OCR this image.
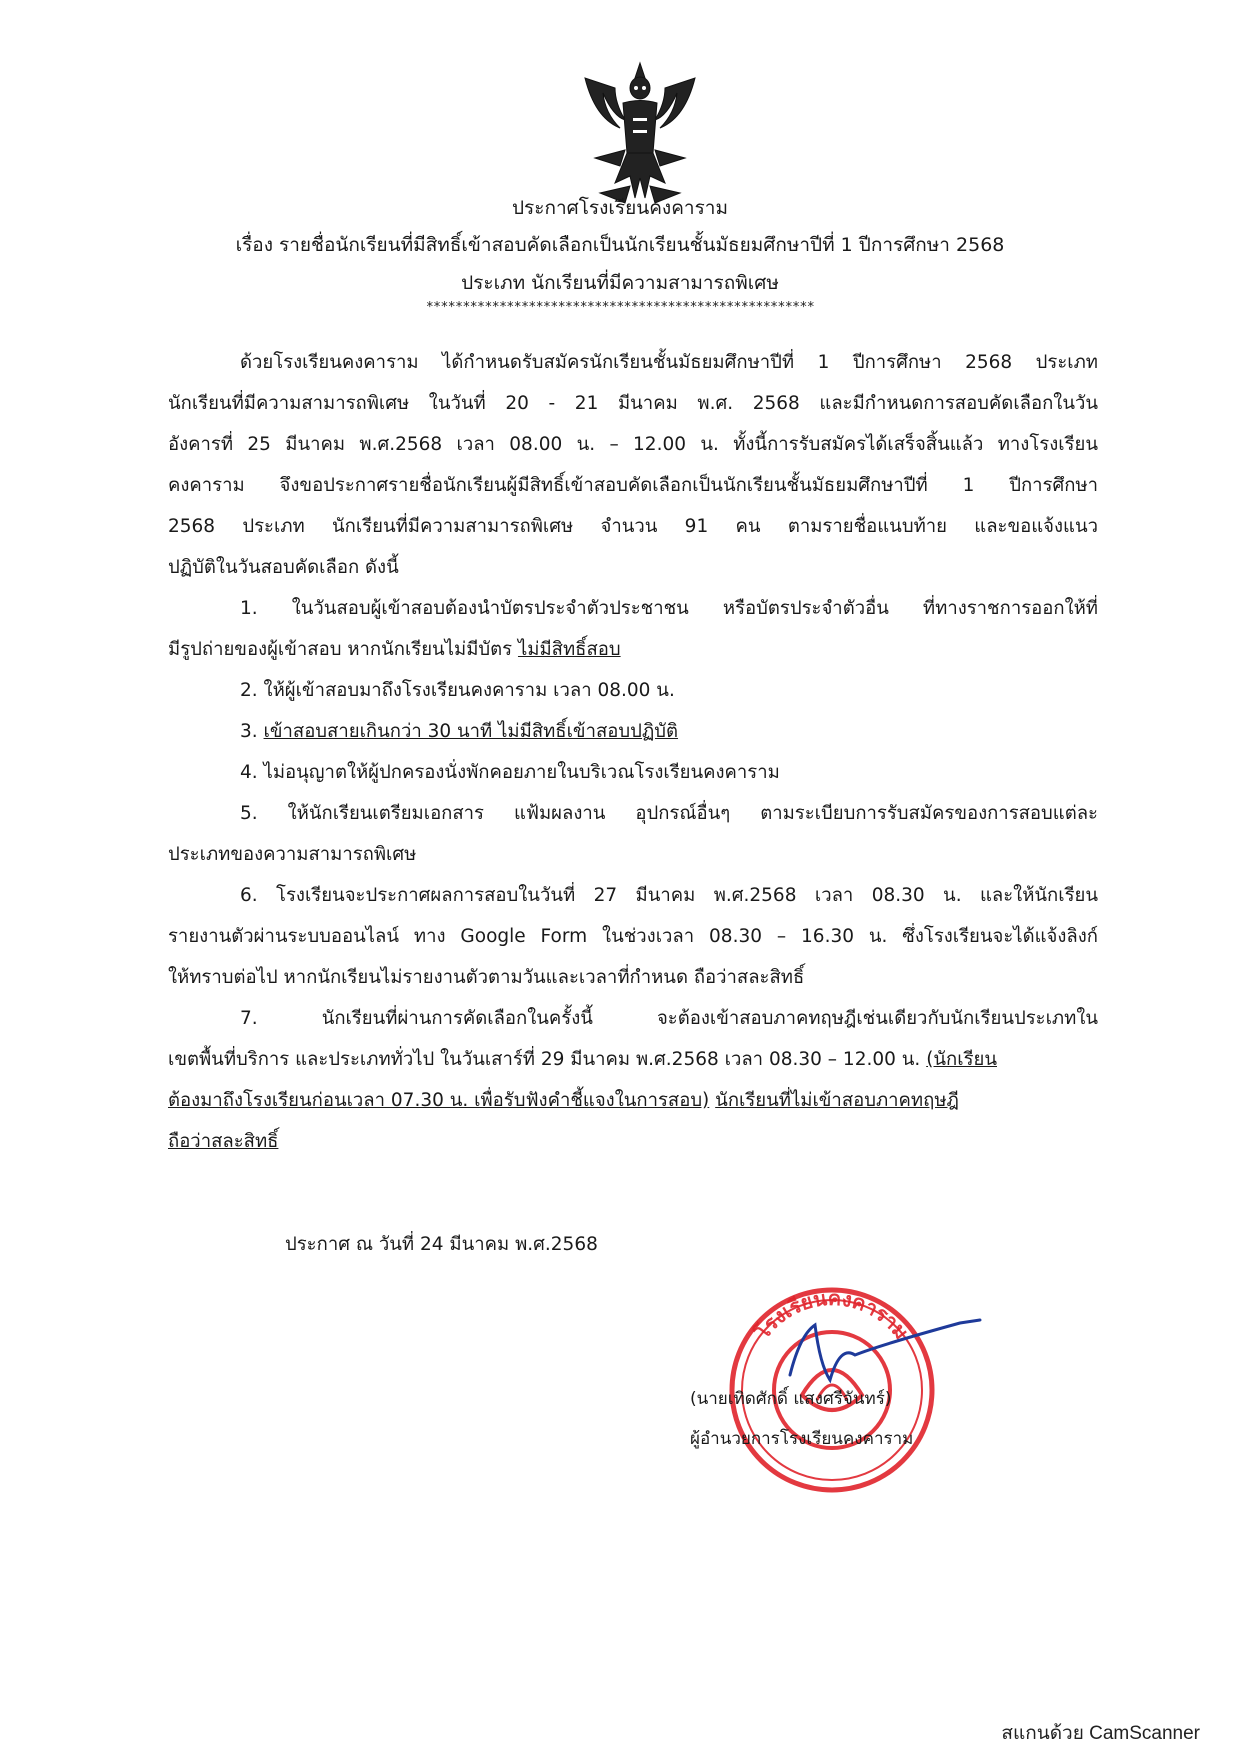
ประกาศโรงเรียนคงคาราม
เรื่อง รายชื่อนักเรียนที่มีสิทธิ์เข้าสอบคัดเลือกเป็นนักเรียนชั้นมัธยมศึกษาปีที่ 1 ปีการศึกษา 2568
ประเภท นักเรียนที่มีความสามารถพิเศษ
*****************************************************
ด้วยโรงเรียนคงคาราม ได้กำหนดรับสมัครนักเรียนชั้นมัธยมศึกษาปีที่ 1 ปีการศึกษา 2568 ประเภท
นักเรียนที่มีความสามารถพิเศษ ในวันที่ 20 - 21 มีนาคม พ.ศ. 2568 และมีกำหนดการสอบคัดเลือกในวัน
อังคารที่ 25 มีนาคม พ.ศ.2568 เวลา 08.00 น. – 12.00 น. ทั้งนี้การรับสมัครได้เสร็จสิ้นแล้ว ทางโรงเรียน
คงคาราม จึงขอประกาศรายชื่อนักเรียนผู้มีสิทธิ์เข้าสอบคัดเลือกเป็นนักเรียนชั้นมัธยมศึกษาปีที่ 1 ปีการศึกษา
2568 ประเภท นักเรียนที่มีความสามารถพิเศษ จำนวน 91 คน ตามรายชื่อแนบท้าย และขอแจ้งแนว
ปฏิบัติในวันสอบคัดเลือก ดังนี้
1. ในวันสอบผู้เข้าสอบต้องนำบัตรประจำตัวประชาชน หรือบัตรประจำตัวอื่น ที่ทางราชการออกให้ที่
มีรูปถ่ายของผู้เข้าสอบ หากนักเรียนไม่มีบัตร ไม่มีสิทธิ์สอบ
2. ให้ผู้เข้าสอบมาถึงโรงเรียนคงคาราม เวลา 08.00 น.
3. เข้าสอบสายเกินกว่า 30 นาที ไม่มีสิทธิ์เข้าสอบปฏิบัติ
4. ไม่อนุญาตให้ผู้ปกครองนั่งพักคอยภายในบริเวณโรงเรียนคงคาราม
5. ให้นักเรียนเตรียมเอกสาร แฟ้มผลงาน อุปกรณ์อื่นๆ ตามระเบียบการรับสมัครของการสอบแต่ละ
ประเภทของความสามารถพิเศษ
6. โรงเรียนจะประกาศผลการสอบในวันที่ 27 มีนาคม พ.ศ.2568 เวลา 08.30 น. และให้นักเรียน
รายงานตัวผ่านระบบออนไลน์ ทาง Google Form ในช่วงเวลา 08.30 – 16.30 น. ซึ่งโรงเรียนจะได้แจ้งลิงก์
ให้ทราบต่อไป หากนักเรียนไม่รายงานตัวตามวันและเวลาที่กำหนด ถือว่าสละสิทธิ์
7. นักเรียนที่ผ่านการคัดเลือกในครั้งนี้ จะต้องเข้าสอบภาคทฤษฎีเช่นเดียวกับนักเรียนประเภทใน
เขตพื้นที่บริการ และประเภททั่วไป ในวันเสาร์ที่ 29 มีนาคม พ.ศ.2568 เวลา 08.30 – 12.00 น. (นักเรียน
ต้องมาถึงโรงเรียนก่อนเวลา 07.30 น. เพื่อรับฟังคำชี้แจงในการสอบ) นักเรียนที่ไม่เข้าสอบภาคทฤษฎี
ถือว่าสละสิทธิ์
ประกาศ ณ วันที่ 24 มีนาคม พ.ศ.2568
โรงเรียนคงคาราม
(นายเทิดศักดิ์ แสงศรีจันทร์)
ผู้อำนวยการโรงเรียนคงคาราม
สแกนด้วย CamScanner
